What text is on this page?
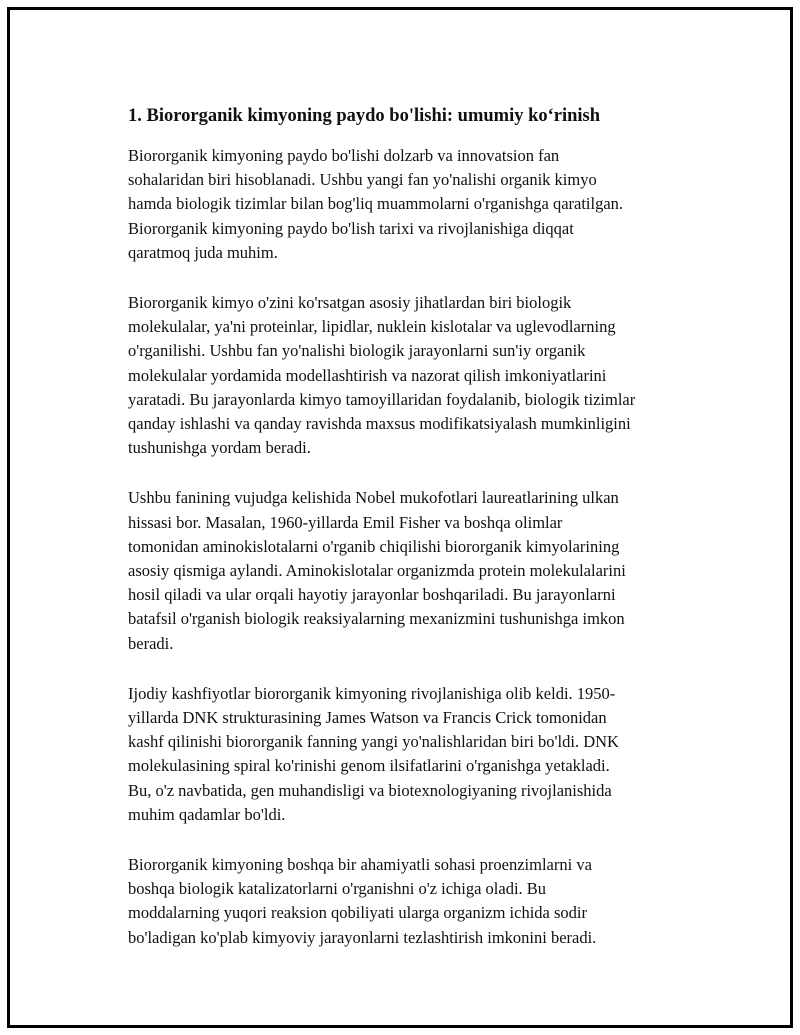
1. Biororganik kimyoning paydo bo'lishi: umumiy ko‘rinish

Biororganik kimyoning paydo bo'lishi dolzarb va innovatsion fan
sohalaridan biri hisoblanadi. Ushbu yangi fan yo'nalishi organik kimyo
hamda biologik tizimlar bilan bog'liq muammolarni o'rganishga qaratilgan.
Biororganik kimyoning paydo bo'lish tarixi va rivojlanishiga diqqat
qaratmoq juda muhim.

Biororganik kimyo o'zini ko'rsatgan asosiy jihatlardan biri biologik
molekulalar, ya'ni proteinlar, lipidlar, nuklein kislotalar va uglevodlarning
o'rganilishi. Ushbu fan yo'nalishi biologik jarayonlarni sun'iy organik
molekulalar yordamida modellashtirish va nazorat qilish imkoniyatlarini
yaratadi. Bu jarayonlarda kimyo tamoyillaridan foydalanib, biologik tizimlar
qanday ishlashi va qanday ravishda maxsus modifikatsiyalash mumkinligini
tushunishga yordam beradi.

Ushbu fanining vujudga kelishida Nobel mukofotlari laureatlarining ulkan
hissasi bor. Masalan, 1960-yillarda Emil Fisher va boshqa olimlar
tomonidan aminokislotalarni o'rganib chiqilishi biororganik kimyolarining
asosiy qismiga aylandi. Aminokislotalar organizmda protein molekulalarini
hosil qiladi va ular orqali hayotiy jarayonlar boshqariladi. Bu jarayonlarni
batafsil o'rganish biologik reaksiyalarning mexanizmini tushunishga imkon
beradi.

Ijodiy kashfiyotlar biororganik kimyoning rivojlanishiga olib keldi. 1950-
yillarda DNK strukturasining James Watson va Francis Crick tomonidan
kashf qilinishi biororganik fanning yangi yo'nalishlaridan biri bo'ldi. DNK
molekulasining spiral ko'rinishi genom ilsifatlarini o'rganishga yetakladi.
Bu, o'z navbatida, gen muhandisligi va biotexnologiyaning rivojlanishida
muhim qadamlar bo'ldi.

Biororganik kimyoning boshqa bir ahamiyatli sohasi proenzimlarni va
boshqa biologik katalizatorlarni o'rganishni o'z ichiga oladi. Bu
moddalarning yuqori reaksion qobiliyati ularga organizm ichida sodir
bo'ladigan ko'plab kimyoviy jarayonlarni tezlashtirish imkonini beradi.
